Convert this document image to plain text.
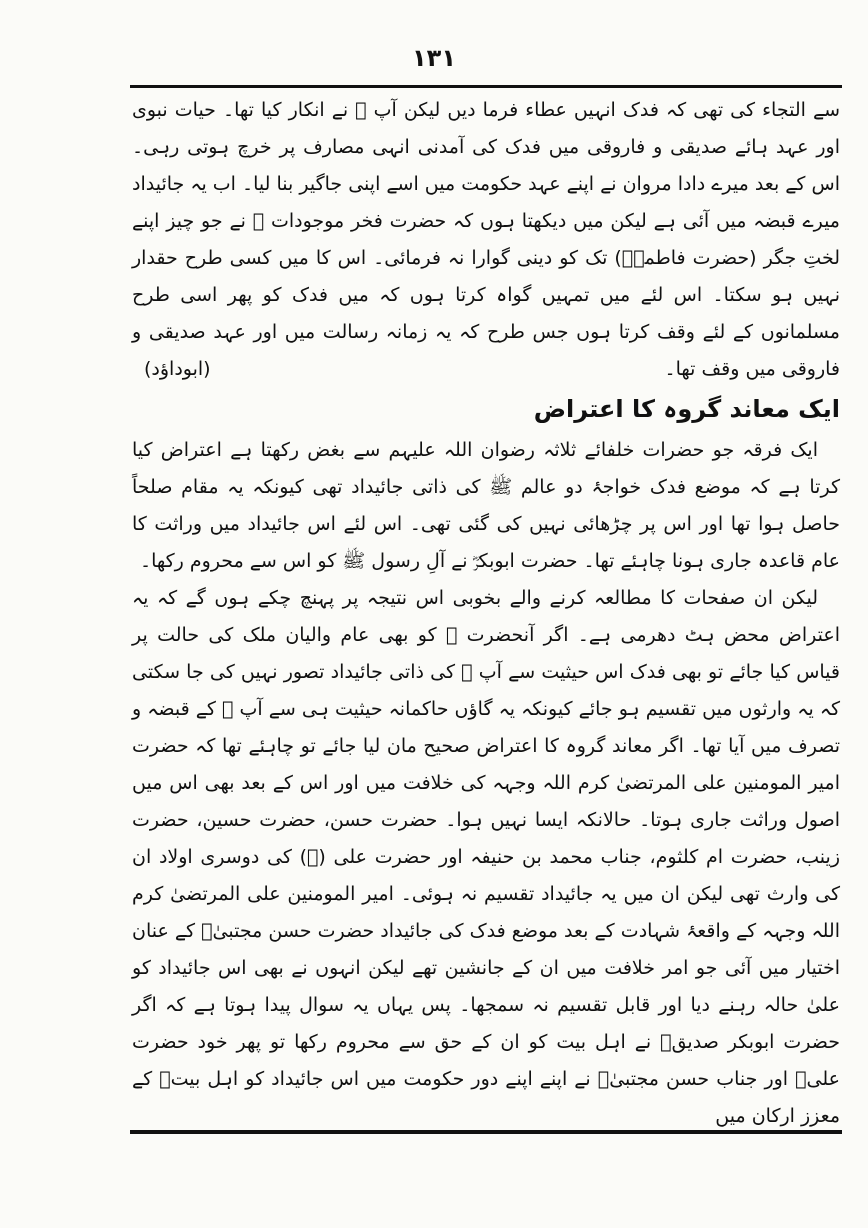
۱۳۱

سے التجاء کی تھی کہ فدک انہیں عطاء فرما دیں لیکن آپ ﷺ نے انکار کیا تھا۔ حیات نبوی اور عہد ہائے صدیقی و فاروقی میں فدک کی آمدنی انہی مصارف پر خرچ ہوتی رہی۔ اس کے بعد میرے دادا مروان نے اپنے عہد حکومت میں اسے اپنی جاگیر بنا لیا۔ اب یہ جائیداد میرے قبضہ میں آئی ہے لیکن میں دیکھتا ہوں کہ حضرت فخر موجودات ﷺ نے جو چیز اپنے لختِ جگر (حضرت فاطمہؓ) تک کو دینی گوارا نہ فرمائی۔ اس کا میں کسی طرح حقدار نہیں ہو سکتا۔ اس لئے میں تمہیں گواہ کرتا ہوں کہ میں فدک کو پھر اسی طرح مسلمانوں کے لئے وقف کرتا ہوں جس طرح کہ یہ زمانہ رسالت میں اور عہد صدیقی و فاروقی میں وقف تھا۔
(ابوداؤد)

ایک معاند گروہ کا اعتراض

ایک فرقہ جو حضرات خلفائے ثلاثہ رضوان اللہ علیہم سے بغض رکھتا ہے اعتراض کیا کرتا ہے کہ موضع فدک خواجۂ دو عالم ﷺ کی ذاتی جائیداد تھی کیونکہ یہ مقام صلحاً حاصل ہوا تھا اور اس پر چڑھائی نہیں کی گئی تھی۔ اس لئے اس جائیداد میں وراثت کا عام قاعدہ جاری ہونا چاہئے تھا۔ حضرت ابوبکرؓ نے آلِ رسول ﷺ کو اس سے محروم رکھا۔

لیکن ان صفحات کا مطالعہ کرنے والے بخوبی اس نتیجہ پر پہنچ چکے ہوں گے کہ یہ اعتراض محض ہٹ دھرمی ہے۔ اگر آنحضرت ﷺ کو بھی عام والیان ملک کی حالت پر قیاس کیا جائے تو بھی فدک اس حیثیت سے آپ ﷺ کی ذاتی جائیداد تصور نہیں کی جا سکتی کہ یہ وارثوں میں تقسیم ہو جائے کیونکہ یہ گاؤں حاکمانہ حیثیت ہی سے آپ ﷺ کے قبضہ و تصرف میں آیا تھا۔ اگر معاند گروہ کا اعتراض صحیح مان لیا جائے تو چاہئے تھا کہ حضرت امیر المومنین علی المرتضیٰ کرم اللہ وجہہ کی خلافت میں اور اس کے بعد بھی اس میں اصول وراثت جاری ہوتا۔ حالانکہ ایسا نہیں ہوا۔ حضرت حسن، حضرت حسین، حضرت زینب، حضرت ام کلثوم، جناب محمد بن حنیفہ اور حضرت علی (ؓ) کی دوسری اولاد ان کی وارث تھی لیکن ان میں یہ جائیداد تقسیم نہ ہوئی۔ امیر المومنین علی المرتضیٰ کرم اللہ وجہہ کے واقعۂ شہادت کے بعد موضع فدک کی جائیداد حضرت حسن مجتبیٰؓ کے عنان اختیار میں آئی جو امر خلافت میں ان کے جانشین تھے لیکن انہوں نے بھی اس جائیداد کو علیٰ حالہ رہنے دیا اور قابل تقسیم نہ سمجھا۔ پس یہاں یہ سوال پیدا ہوتا ہے کہ اگر حضرت ابوبکر صدیقؓ نے اہل بیت کو ان کے حق سے محروم رکھا تو پھر خود حضرت علیؓ اور جناب حسن مجتبیٰؓ نے اپنے اپنے دور حکومت میں اس جائیداد کو اہل بیتؓ کے معزز ارکان میں
